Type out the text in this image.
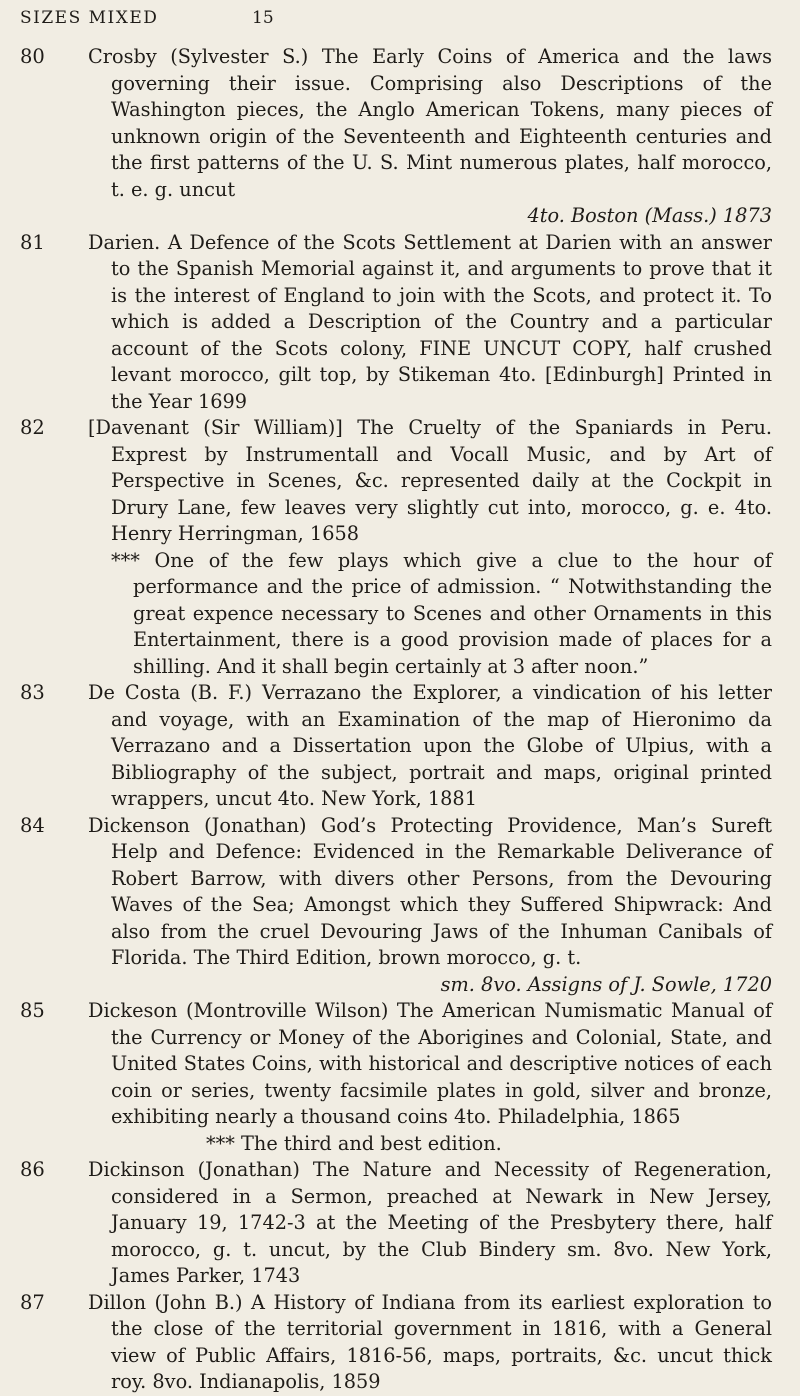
SIZES MIXED	15
80 Crosby (Sylvester S.) The Early Coins of America and the laws governing their issue. Comprising also Descriptions of the Washington pieces, the Anglo American Tokens, many pieces of unknown origin of the Seventeenth and Eighteenth centuries and the first patterns of the U. S. Mint numerous plates, half morocco, t. e. g. uncut
4to. Boston (Mass.) 1873
81 Darien. A Defence of the Scots Settlement at Darien with an answer to the Spanish Memorial against it, and arguments to prove that it is the interest of England to join with the Scots, and protect it. To which is added a Description of the Country and a particular account of the Scots colony, FINE UNCUT COPY, half crushed levant morocco, gilt top, by Stikeman 4to. [Edinburgh] Printed in the Year 1699
82 [Davenant (Sir William)] The Cruelty of the Spaniards in Peru. Exprest by Instrumentall and Vocall Music, and by Art of Perspective in Scenes, &c. represented daily at the Cockpit in Drury Lane, few leaves very slightly cut into, morocco, g. e. 4to. Henry Herringman, 1658
*** One of the few plays which give a clue to the hour of performance and the price of admission. “ Notwithstanding the great expence necessary to Scenes and other Ornaments in this Entertainment, there is a good provision made of places for a shilling. And it shall begin certainly at 3 after noon.”
83 De Costa (B. F.) Verrazano the Explorer, a vindication of his letter and voyage, with an Examination of the map of Hieronimo da Verrazano and a Dissertation upon the Globe of Ulpius, with a Bibliography of the subject, portrait and maps, original printed wrappers, uncut 4to. New York, 1881
84 Dickenson (Jonathan) God’s Protecting Providence, Man’s Sureft Help and Defence: Evidenced in the Remarkable Deliverance of Robert Barrow, with divers other Persons, from the Devouring Waves of the Sea; Amongst which they Suffered Shipwrack: And also from the cruel Devouring Jaws of the Inhuman Canibals of Florida. The Third Edition, brown morocco, g. t.
sm. 8vo. Assigns of J. Sowle, 1720
85 Dickeson (Montroville Wilson) The American Numismatic Manual of the Currency or Money of the Aborigines and Colonial, State, and United States Coins, with historical and descriptive notices of each coin or series, twenty facsimile plates in gold, silver and bronze, exhibiting nearly a thousand coins 4to. Philadelphia, 1865
*** The third and best edition.
86 Dickinson (Jonathan) The Nature and Necessity of Regeneration, considered in a Sermon, preached at Newark in New Jersey, January 19, 1742-3 at the Meeting of the Presbytery there, half morocco, g. t. uncut, by the Club Bindery sm. 8vo. New York, James Parker, 1743
87 Dillon (John B.) A History of Indiana from its earliest exploration to the close of the territorial government in 1816, with a General view of Public Affairs, 1816-56, maps, portraits, &c. uncut thick roy. 8vo. Indianapolis, 1859
